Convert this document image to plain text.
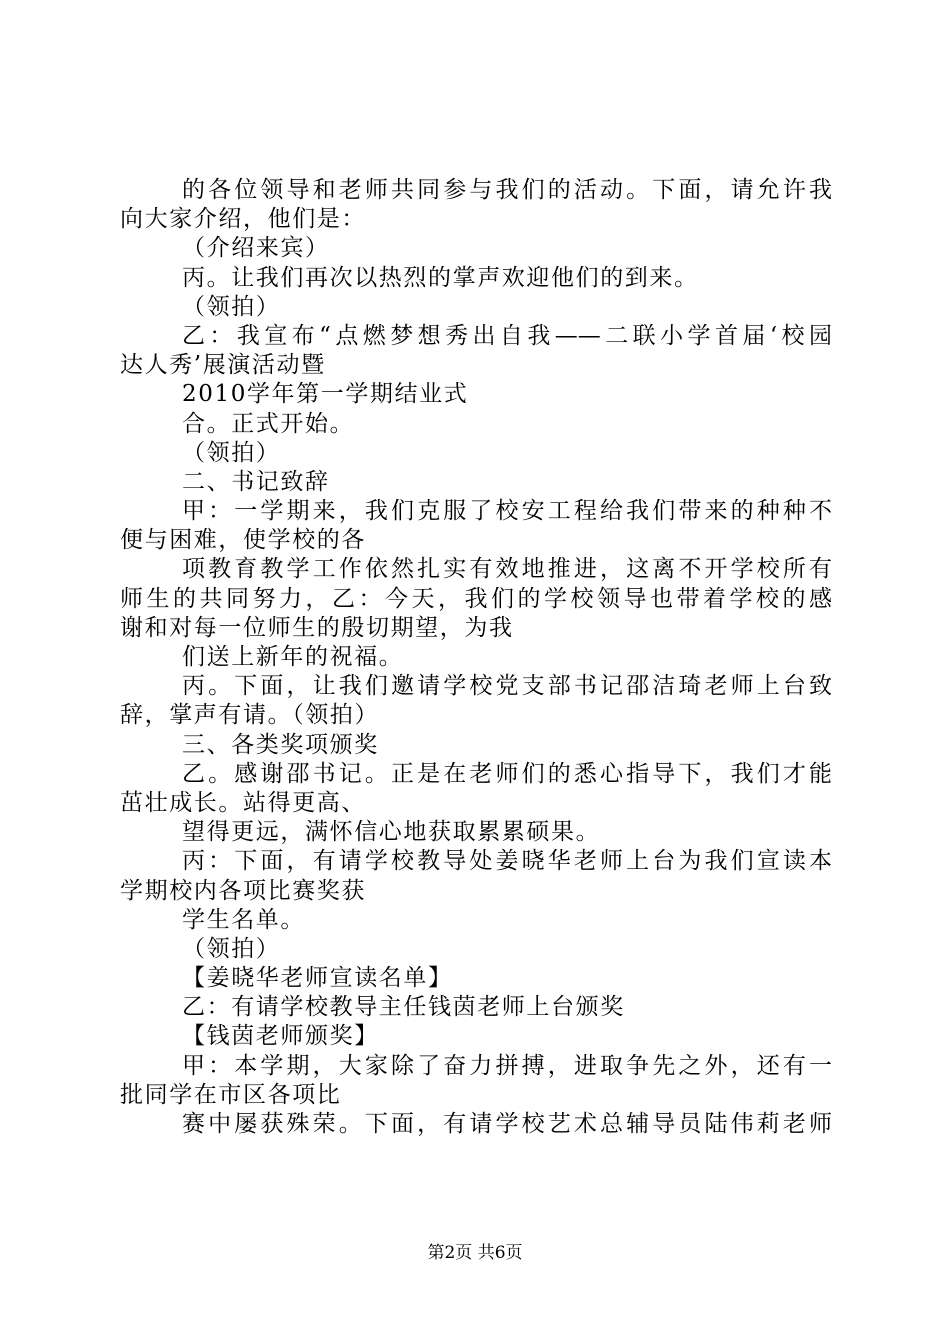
的各位领导和老师共同参与我们的活动。下面，请允许我
向大家介绍，他们是：
（介绍来宾）
丙。让我们再次以热烈的掌声欢迎他们的到来。
（领拍）
乙：我宣布“点燃梦想秀出自我——二联小学首届‘校园
达人秀’展演活动暨
2010学年第一学期结业式
合。正式开始。
（领拍）
二、书记致辞
甲：一学期来，我们克服了校安工程给我们带来的种种不
便与困难，使学校的各
项教育教学工作依然扎实有效地推进，这离不开学校所有
师生的共同努力，乙：今天，我们的学校领导也带着学校的感
谢和对每一位师生的殷切期望，为我
们送上新年的祝福。
丙。下面，让我们邀请学校党支部书记邵洁琦老师上台致
辞，掌声有请。（领拍）
三、各类奖项颁奖
乙。感谢邵书记。正是在老师们的悉心指导下，我们才能
茁壮成长。站得更高、
望得更远，满怀信心地获取累累硕果。
丙：下面，有请学校教导处姜晓华老师上台为我们宣读本
学期校内各项比赛奖获
学生名单。
（领拍）
【姜晓华老师宣读名单】
乙：有请学校教导主任钱茵老师上台颁奖
【钱茵老师颁奖】
甲：本学期，大家除了奋力拼搏，进取争先之外，还有一
批同学在市区各项比
赛中屡获殊荣。下面，有请学校艺术总辅导员陆伟莉老师
第2页 共6页
